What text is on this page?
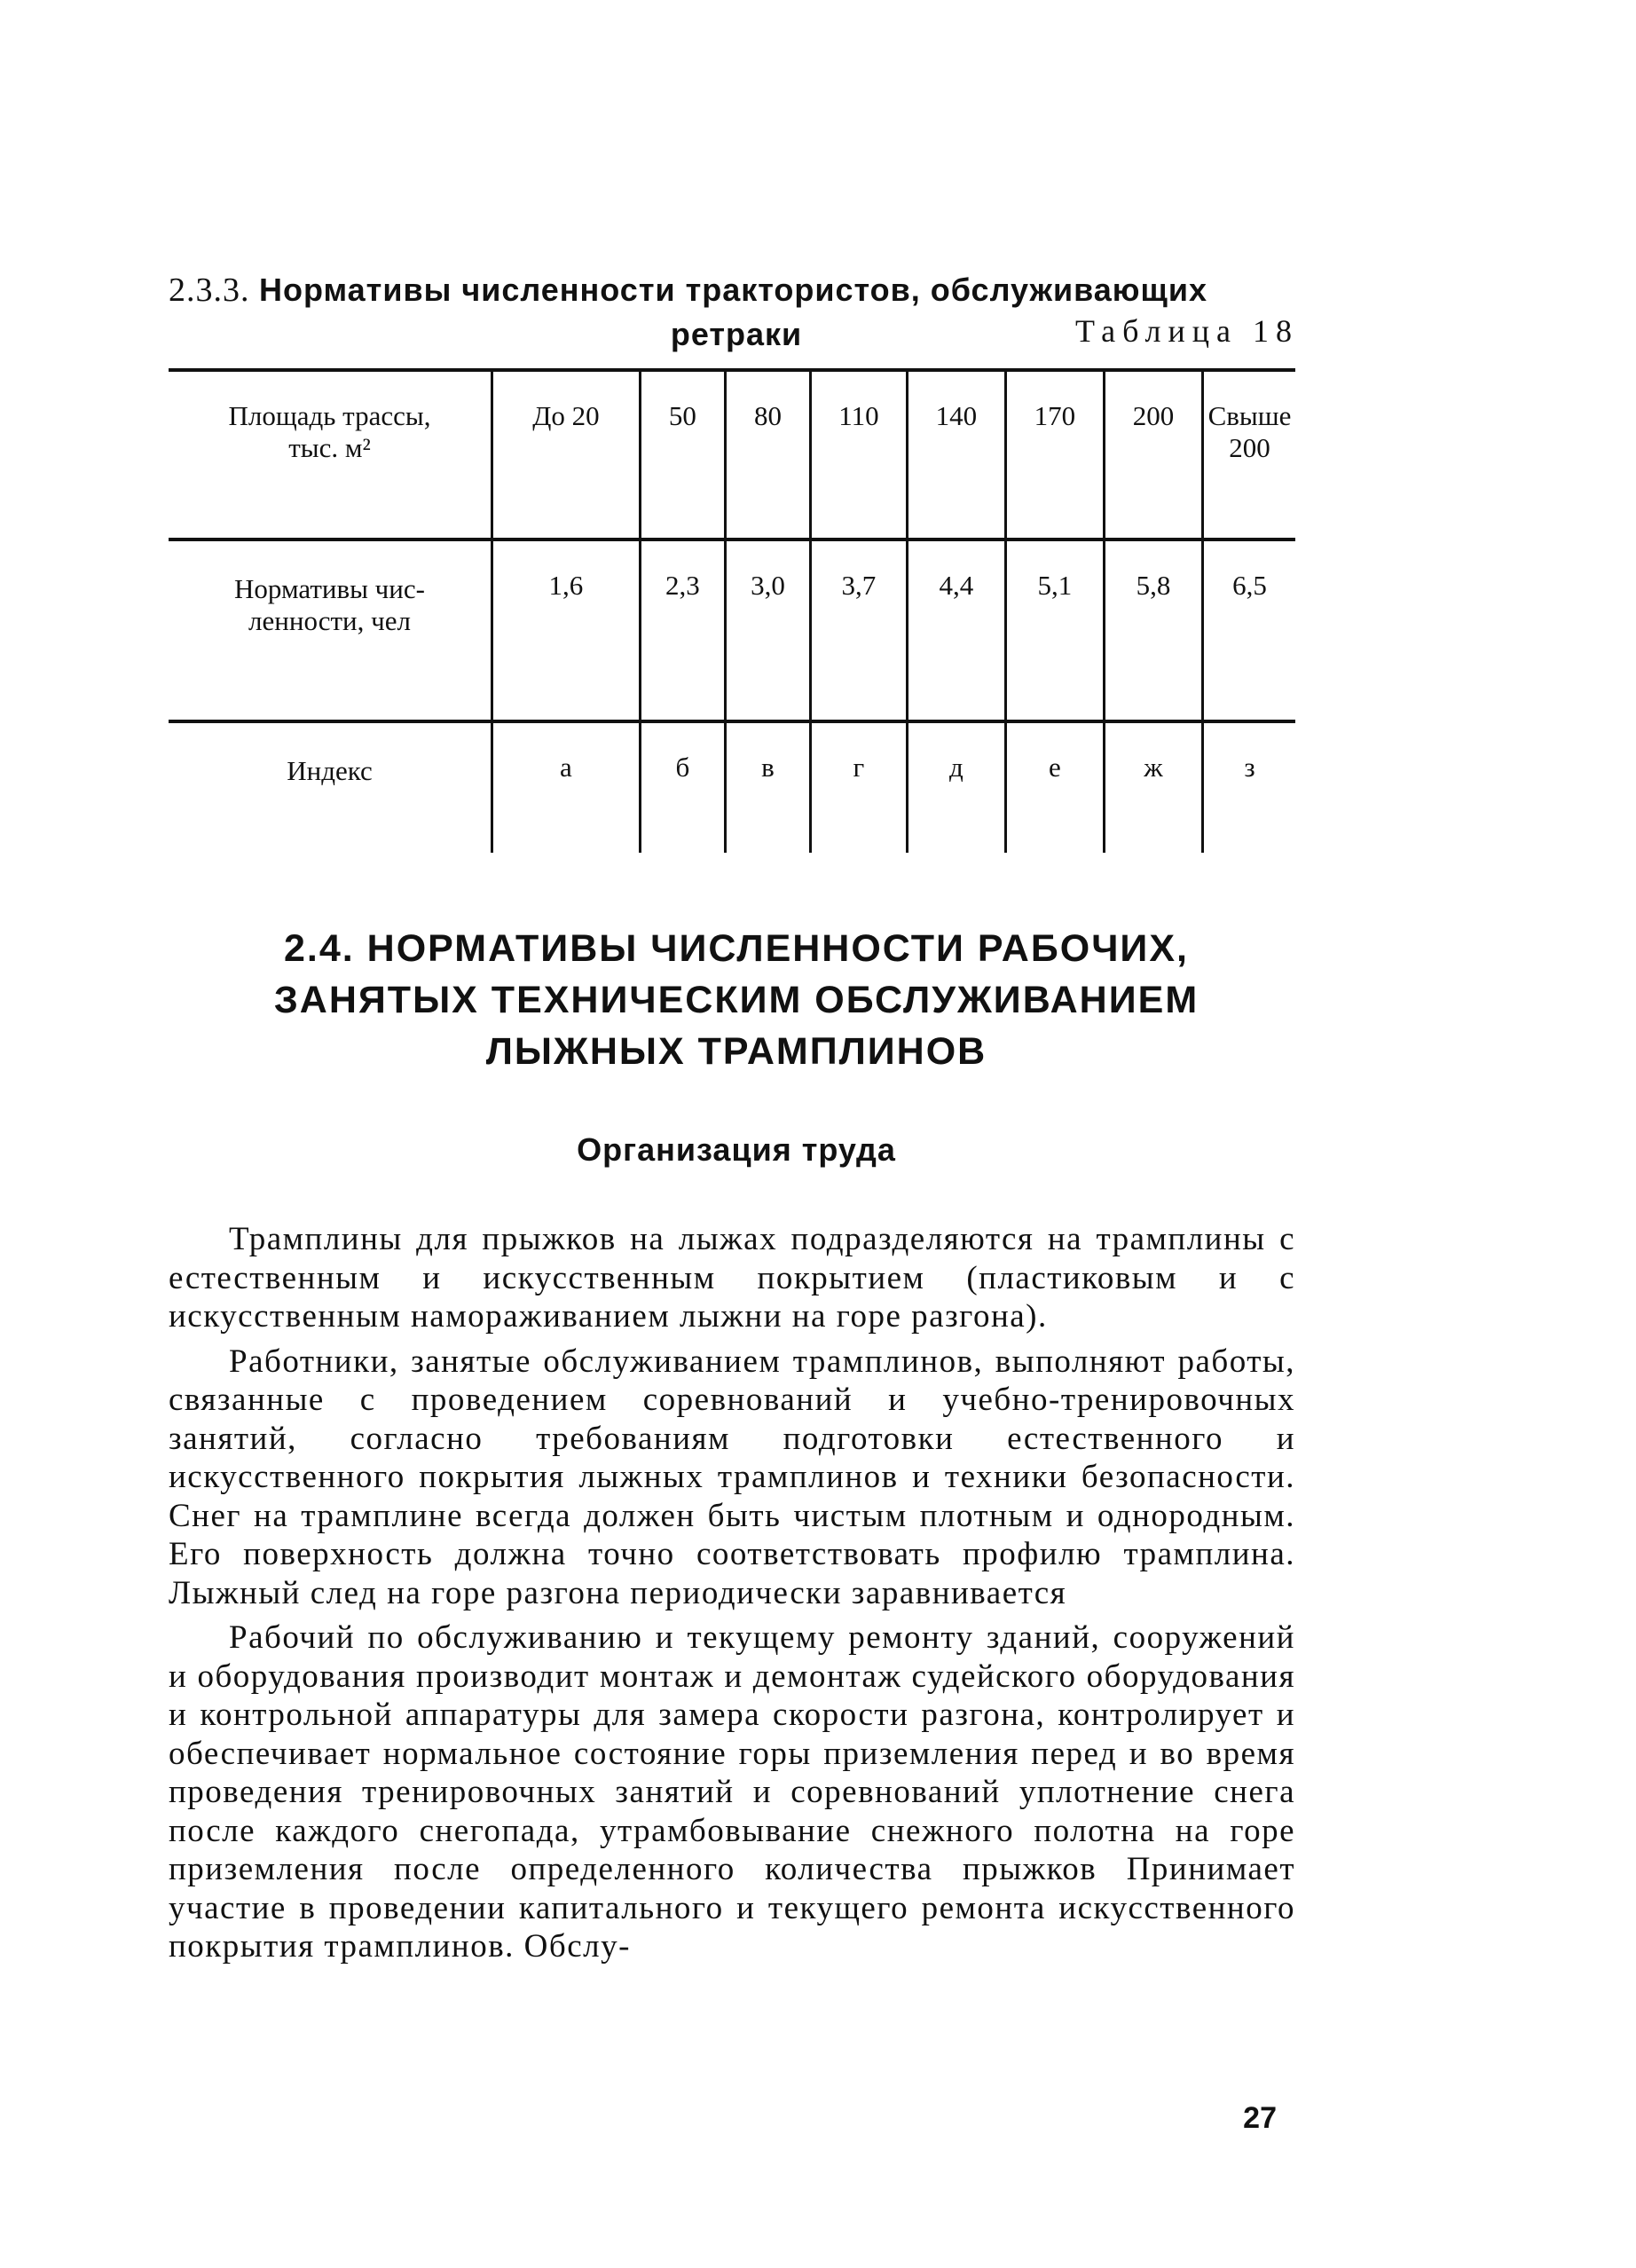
2.3.3. Нормативы численности трактористов, обслуживающих
ретраки	Таблица 18
Площадь трассы,
тыс. м²	До 20	50	80	110	140	170	200	Свыше 200

Нормативы чис-
ленности, чел	1,6	2,3	3,0	3,7	4,4	5,1	5,8	6,5

Индекс	а	б	в	г	д	е	ж	з
2.4. НОРМАТИВЫ ЧИСЛЕННОСТИ РАБОЧИХ,
ЗАНЯТЫХ ТЕХНИЧЕСКИМ ОБСЛУЖИВАНИЕМ
ЛЫЖНЫХ ТРАМПЛИНОВ
Организация труда

Трамплины для прыжков на лыжах подразделяются на трамплины с естественным и искусственным покрытием (пластиковым и с искусственным намораживанием лыжни на горе разгона).

Работники, занятые обслуживанием трамплинов, выполняют работы, связанные с проведением соревнований и учебно-тренировочных занятий, согласно требованиям подготовки естественного и искусственного покрытия лыжных трамплинов и техники безопасности. Снег на трамплине всегда должен быть чистым плотным и однородным. Его поверхность должна точно соответствовать профилю трамплина. Лыжный след на горе разгона периодически заравнивается

Рабочий по обслуживанию и текущему ремонту зданий, сооружений и оборудования производит монтаж и демонтаж судейского оборудования и контрольной аппаратуры для замера скорости разгона, контролирует и обеспечивает нормальное состояние горы приземления перед и во время проведения тренировочных занятий и соревнований уплотнение снега после каждого снегопада, утрамбовывание снежного полотна на горе приземления после определенного количества прыжков Принимает участие в проведении капитального и текущего ремонта искусственного покрытия трамплинов. Обслу-

27
